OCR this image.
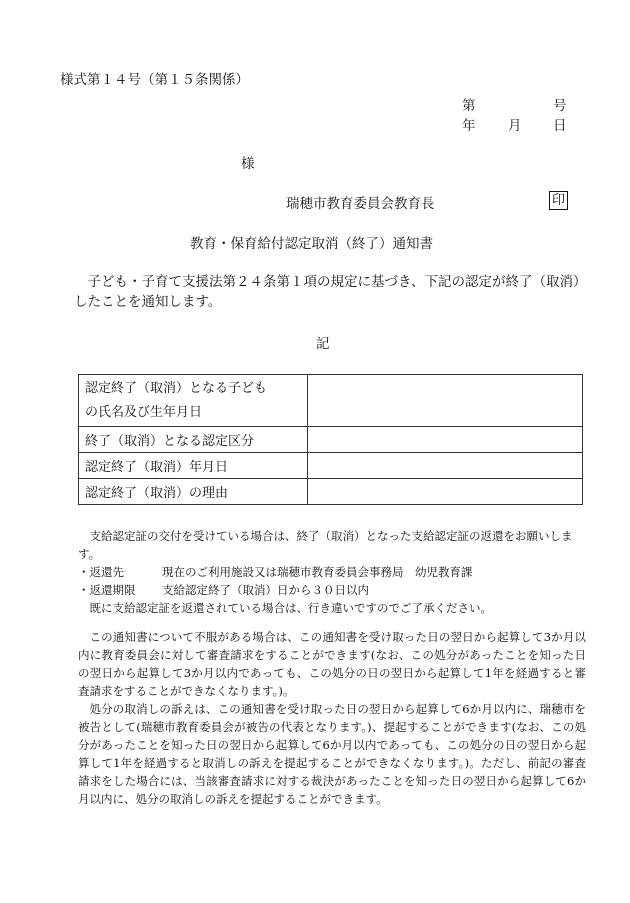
様式第１４号（第１５条関係）
第	号
年 月 日
様
瑞穂市教育委員会教育長	印
教育・保育給付認定取消（終了）通知書
子ども・子育て支援法第２４条第１項の規定に基づき、下記の認定が終了（取消）したことを通知します。
記
認定終了（取消）となる子ども
の氏名及び生年月日	

終了（取消）となる認定区分	
認定終了（取消）年月日	
認定終了（取消）の理由	

支給認定証の交付を受けている場合は、終了（取消）となった支給認定証の返還をお願いします。

・返還先	現在のご利用施設又は瑞穂市教育委員会事務局　幼児教育課

・返還期限 支給認定終了（取消）日から３０日以内

既に支給認定証を返還されている場合は、行き違いですのでご了承ください。

この通知書について不服がある場合は、この通知書を受け取った日の翌日から起算して3か月以内に教育委員会に対して審査請求をすることができます(なお、この処分があったことを知った日の翌日から起算して3か月以内であっても、この処分の日の翌日から起算して1年を経過すると審査請求をすることができなくなります。)。

処分の取消しの訴えは、この通知書を受け取った日の翌日から起算して6か月以内に、瑞穂市を被告として(瑞穂市教育委員会が被告の代表となります。)、提起することができます(なお、この処分があったことを知った日の翌日から起算して6か月以内であっても、この処分の日の翌日から起算して1年を経過すると取消しの訴えを提起することができなくなります。)。ただし、前記の審査請求をした場合には、当該審査請求に対する裁決があったことを知った日の翌日から起算して6か月以内に、処分の取消しの訴えを提起することができます。
